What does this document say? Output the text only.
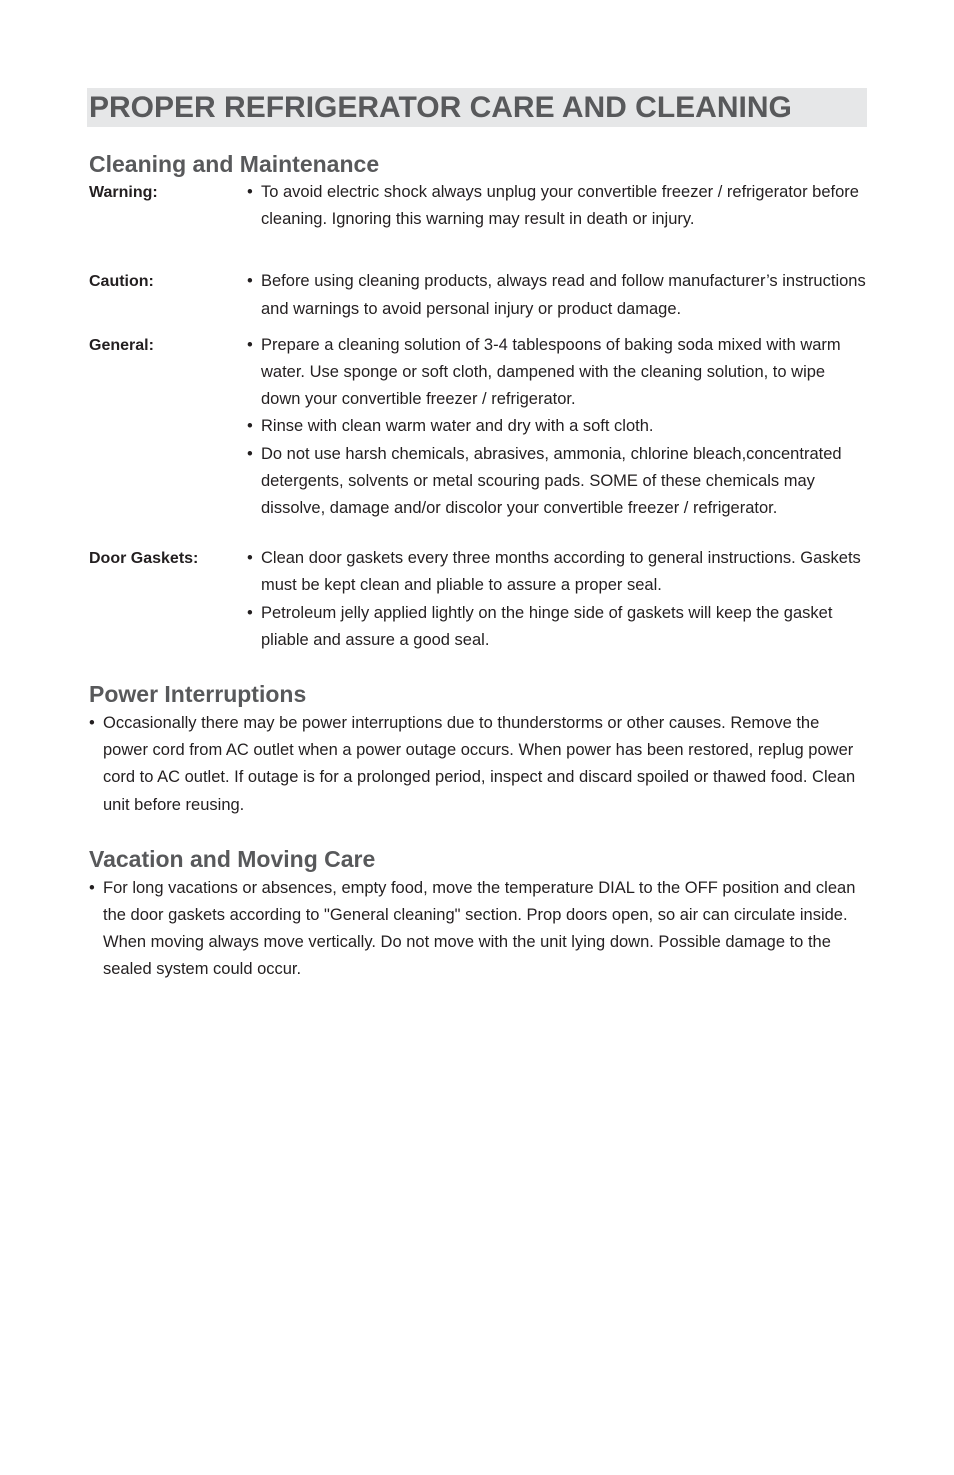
PROPER REFRIGERATOR CARE AND CLEANING
Cleaning and Maintenance
Warning:	• To avoid electric shock always unplug your convertible freezer / refrigerator before cleaning. Ignoring this warning may result in death or injury.
Caution:	• Before using cleaning products, always read and follow manufacturer’s instructions and warnings to avoid personal injury or product damage.
General:	• Prepare a cleaning solution of 3-4 tablespoons of baking soda mixed with warm water. Use sponge or soft cloth, dampened with the cleaning solution, to wipe down your convertible freezer / refrigerator.
• Rinse with clean warm water and dry with a soft cloth.
• Do not use harsh chemicals, abrasives, ammonia, chlorine bleach,concentrated detergents, solvents or metal scouring pads. SOME of these chemicals may dissolve, damage and/or discolor your convertible freezer / refrigerator.
Door Gaskets:	• Clean door gaskets every three months according to general instructions. Gaskets must be kept clean and pliable to assure a proper seal.
• Petroleum jelly applied lightly on the hinge side of gaskets will keep the gasket pliable and assure a good seal.
Power Interruptions
• Occasionally there may be power interruptions due to thunderstorms or other causes. Remove the power cord from AC outlet when a power outage occurs. When power has been restored, replug power cord to AC outlet. If outage is for a prolonged period, inspect and discard spoiled or thawed food. Clean unit before reusing.
Vacation and Moving Care
• For long vacations or absences, empty food, move the temperature DIAL to the OFF position and clean the door gaskets according to "General cleaning" section. Prop doors open, so air can circulate inside. When moving always move vertically. Do not move with the unit lying down. Possible damage to the sealed system could occur.
